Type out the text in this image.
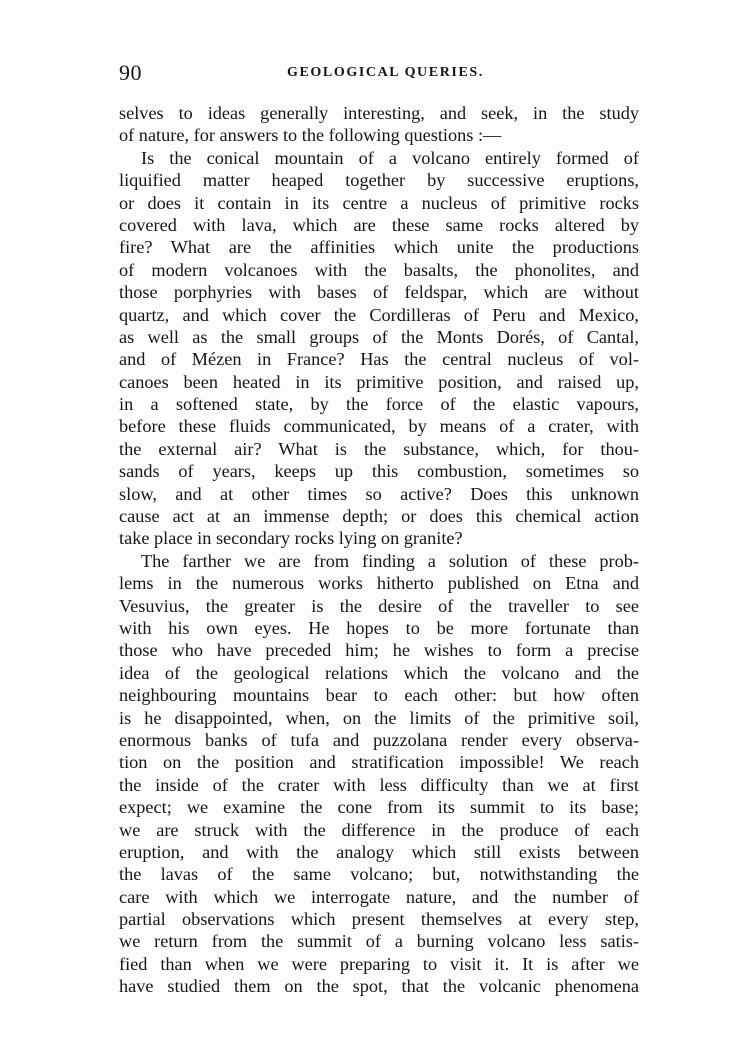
90	GEOLOGICAL QUERIES.
selves to ideas generally interesting, and seek, in the study
of nature, for answers to the following questions :—
Is the conical mountain of a volcano entirely formed of
liquified matter heaped together by successive eruptions,
or does it contain in its centre a nucleus of primitive rocks
covered with lava, which are these same rocks altered by
fire? What are the affinities which unite the productions
of modern volcanoes with the basalts, the phonolites, and
those porphyries with bases of feldspar, which are without
quartz, and which cover the Cordilleras of Peru and Mexico,
as well as the small groups of the Monts Dorés, of Cantal,
and of Mézen in France? Has the central nucleus of vol-
canoes been heated in its primitive position, and raised up,
in a softened state, by the force of the elastic vapours,
before these fluids communicated, by means of a crater, with
the external air? What is the substance, which, for thou-
sands of years, keeps up this combustion, sometimes so
slow, and at other times so active? Does this unknown
cause act at an immense depth; or does this chemical action
take place in secondary rocks lying on granite?
The farther we are from finding a solution of these prob-
lems in the numerous works hitherto published on Etna and
Vesuvius, the greater is the desire of the traveller to see
with his own eyes. He hopes to be more fortunate than
those who have preceded him; he wishes to form a precise
idea of the geological relations which the volcano and the
neighbouring mountains bear to each other: but how often
is he disappointed, when, on the limits of the primitive soil,
enormous banks of tufa and puzzolana render every observa-
tion on the position and stratification impossible! We reach
the inside of the crater with less difficulty than we at first
expect; we examine the cone from its summit to its base;
we are struck with the difference in the produce of each
eruption, and with the analogy which still exists between
the lavas of the same volcano; but, notwithstanding the
care with which we interrogate nature, and the number of
partial observations which present themselves at every step,
we return from the summit of a burning volcano less satis-
fied than when we were preparing to visit it. It is after we
have studied them on the spot, that the volcanic phenomena
